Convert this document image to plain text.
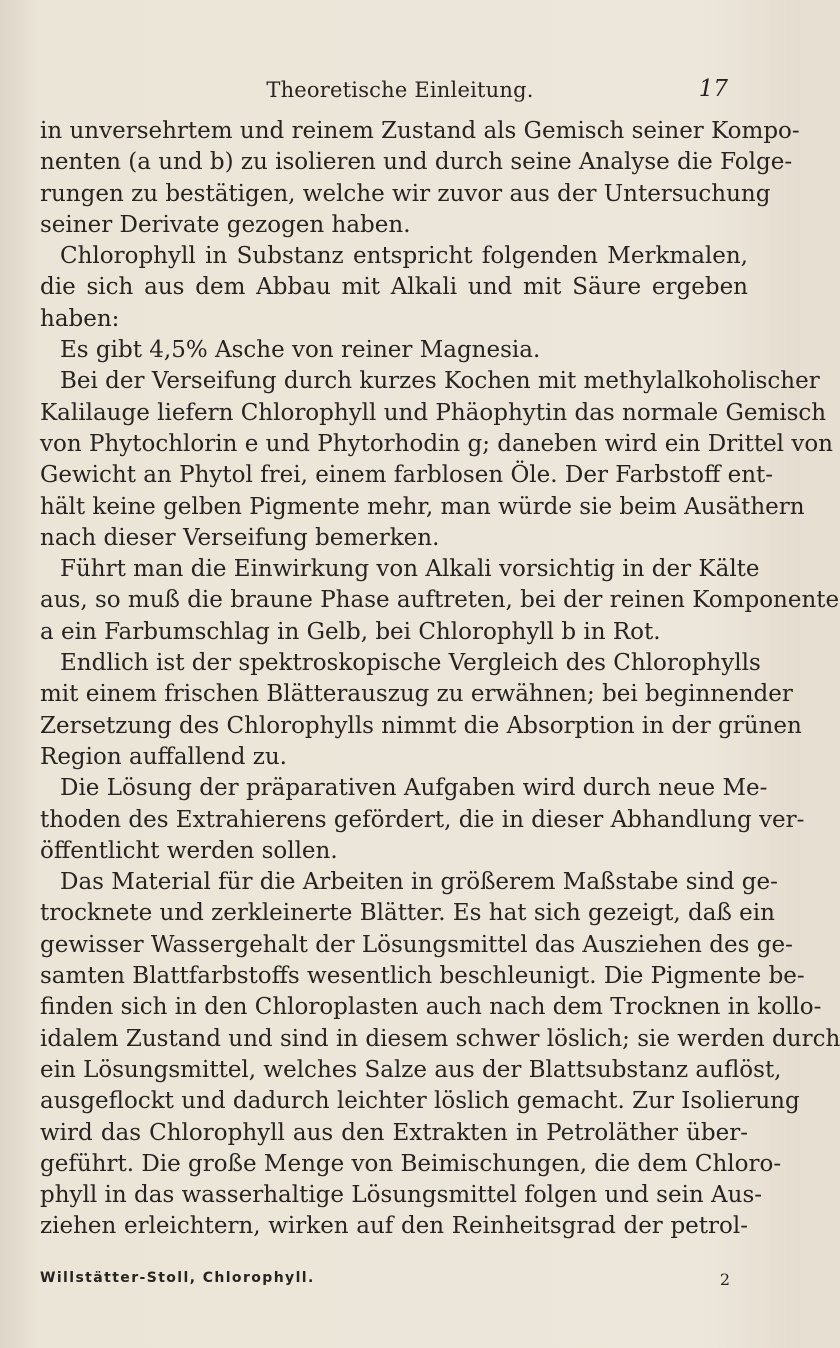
Theoretische Einleitung.	17
in unversehrtem und reinem Zustand als Gemisch seiner Kompo-
nenten (a und b) zu isolieren und durch seine Analyse die Folge-
rungen zu bestätigen, welche wir zuvor aus der Untersuchung
seiner Derivate gezogen haben.
Chlorophyll in Substanz entspricht folgenden Merkmalen,
die sich aus dem Abbau mit Alkali und mit Säure ergeben
haben:
Es gibt 4,5% Asche von reiner Magnesia.
Bei der Verseifung durch kurzes Kochen mit methylalkoholischer
Kalilauge liefern Chlorophyll und Phäophytin das normale Gemisch
von Phytochlorin e und Phytorhodin g; daneben wird ein Drittel von
Gewicht an Phytol frei, einem farblosen Öle. Der Farbstoff ent-
hält keine gelben Pigmente mehr, man würde sie beim Ausäthern
nach dieser Verseifung bemerken.
Führt man die Einwirkung von Alkali vorsichtig in der Kälte
aus, so muß die braune Phase auftreten, bei der reinen Komponente
a ein Farbumschlag in Gelb, bei Chlorophyll b in Rot.
Endlich ist der spektroskopische Vergleich des Chlorophylls
mit einem frischen Blätterauszug zu erwähnen; bei beginnender
Zersetzung des Chlorophylls nimmt die Absorption in der grünen
Region auffallend zu.
Die Lösung der präparativen Aufgaben wird durch neue Me-
thoden des Extrahierens gefördert, die in dieser Abhandlung ver-
öffentlicht werden sollen.
Das Material für die Arbeiten in größerem Maßstabe sind ge-
trocknete und zerkleinerte Blätter. Es hat sich gezeigt, daß ein
gewisser Wassergehalt der Lösungsmittel das Ausziehen des ge-
samten Blattfarbstoffs wesentlich beschleunigt. Die Pigmente be-
finden sich in den Chloroplasten auch nach dem Trocknen in kollo-
idalem Zustand und sind in diesem schwer löslich; sie werden durch
ein Lösungsmittel, welches Salze aus der Blattsubstanz auflöst,
ausgeflockt und dadurch leichter löslich gemacht. Zur Isolierung
wird das Chlorophyll aus den Extrakten in Petroläther über-
geführt. Die große Menge von Beimischungen, die dem Chloro-
phyll in das wasserhaltige Lösungsmittel folgen und sein Aus-
ziehen erleichtern, wirken auf den Reinheitsgrad der petrol-
Willstätter-Stoll, Chlorophyll.	2
